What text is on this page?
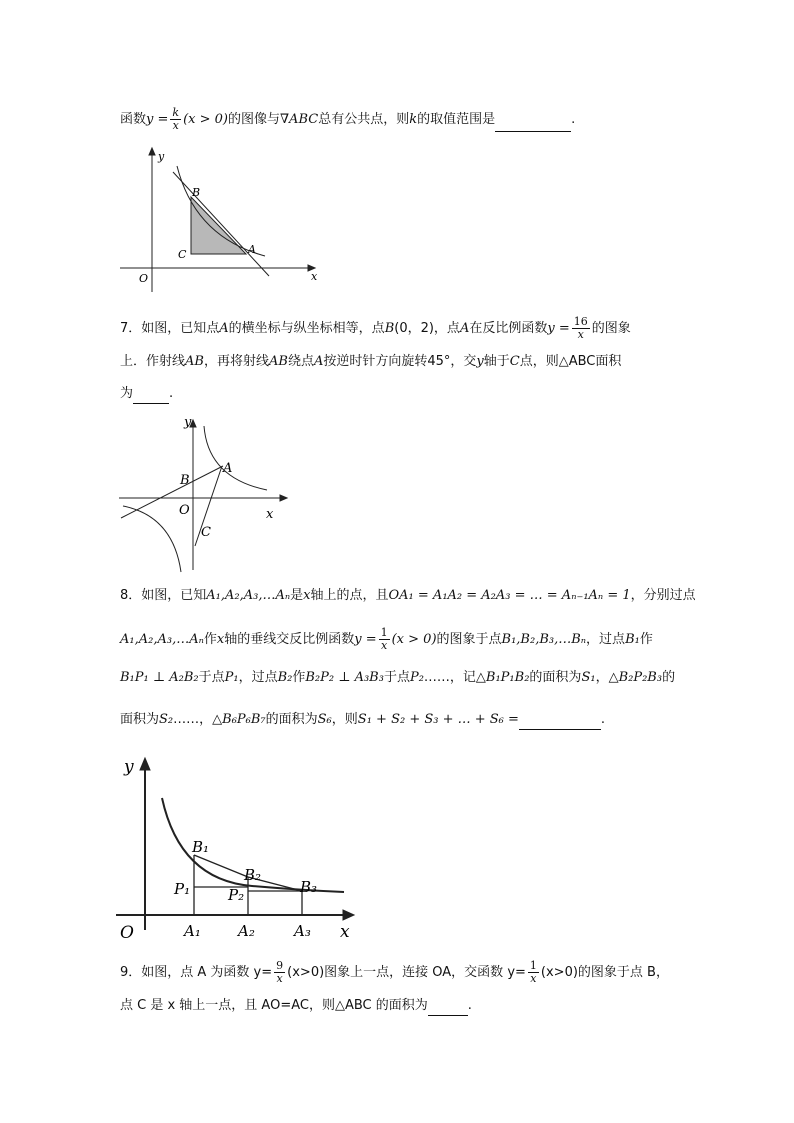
函数$y = \frac{k}{x} (x > 0)$的图像与∇ABC总有公共点，则k的取值范围是	.
y
x
O
B
C	A
7．如图，已知点A的横坐标与纵坐标相等，点B(0，2)，点A在反比例函数$y = \frac{16}{x}$ 的图象
上．作射线AB，再将射线AB绕点A按逆时针方向旋转45°，交y轴于C点，则△ABC面积
为	.
y
x
O
A
B
C
8．如图，已知A₁,A₂,A₃,…Aₙ是x轴上的点，且OA₁ = A₁A₂ = A₂A₃ = … = Aₙ₋₁Aₙ = 1，分别过点
A₁,A₂,A₃,…Aₙ作x轴的垂线交反比例函数$y = \frac{1}{x} (x > 0)$的图象于点B₁,B₂,B₃,…Bₙ，过点B₁作
B₁P₁ ⊥ A₂B₂于点P₁，过点B₂作B₂P₂ ⊥ A₃B₃于点P₂……，记△B₁P₁B₂的面积为S₁，△B₂P₂B₃的
面积为S₂……，△B₆P₆B₇的面积为S₆，则S₁ + S₂ + S₃ + … + S₆ =	.
y
x
O
B₁
B₂
B₃
P₁	P₂
A₁ A₂	A₃
9．如图，点 A 为函数 $y= \frac{9}{x} (x>0)$图象上一点，连接 OA，交函数 $y= \frac{1}{x} (x>0)$的图象于点 B，
点 C 是 x 轴上一点，且 AO=AC，则△ABC 的面积为	.
